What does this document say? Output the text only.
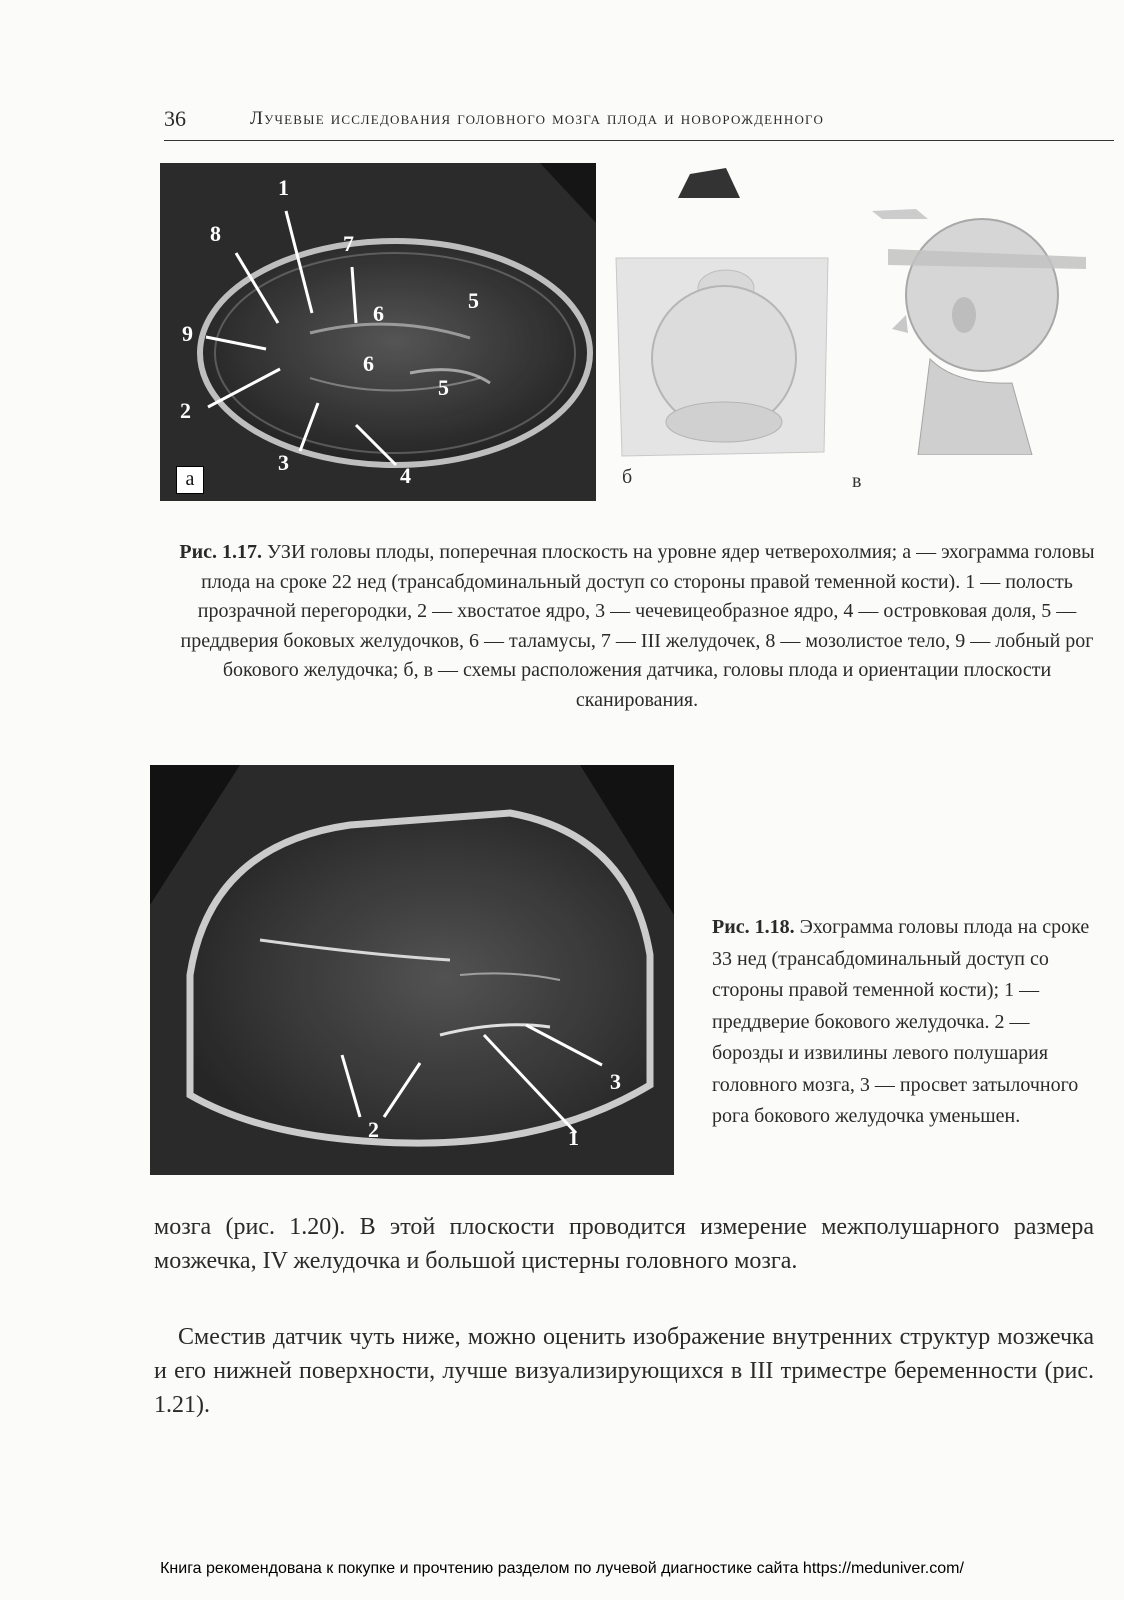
36	Лучевые исследования головного мозга плода и новорожденного
1
2
3
4
5
5
6
6
7
8
9
а	б	в
Рис. 1.17. УЗИ головы плоды, поперечная плоскость на уровне ядер четверохолмия; а — эхограмма головы плода на сроке 22 нед (трансабдоминальный доступ со стороны правой теменной кости). 1 — полость прозрачной перегородки, 2 — хвостатое ядро, 3 — чечевицеобразное ядро, 4 — островковая доля, 5 — преддверия боковых желудочков, 6 — таламусы, 7 — III желудочек, 8 — мозолистое тело, 9 — лобный рог бокового желудочка; б, в — схемы расположения датчика, головы плода и ориентации плоскости сканирования.
1
2
3
Рис. 1.18. Эхограмма головы плода на сроке 33 нед (трансабдоминальный доступ со стороны правой теменной кости); 1 — преддверие бокового желудочка. 2 — борозды и извилины левого полушария головного мозга, 3 — просвет затылочного рога бокового желудочка уменьшен.
мозга (рис. 1.20). В этой плоскости проводится измерение межполушарного размера мозжечка, IV желудочка и большой цистерны головного мозга.
Сместив датчик чуть ниже, можно оценить изображение внутренних структур мозжечка и его нижней поверхности, лучше визуализирующихся в III триместре беременности (рис. 1.21).
Книга рекомендована к покупке и прочтению разделом по лучевой диагностике сайта https://meduniver.com/
